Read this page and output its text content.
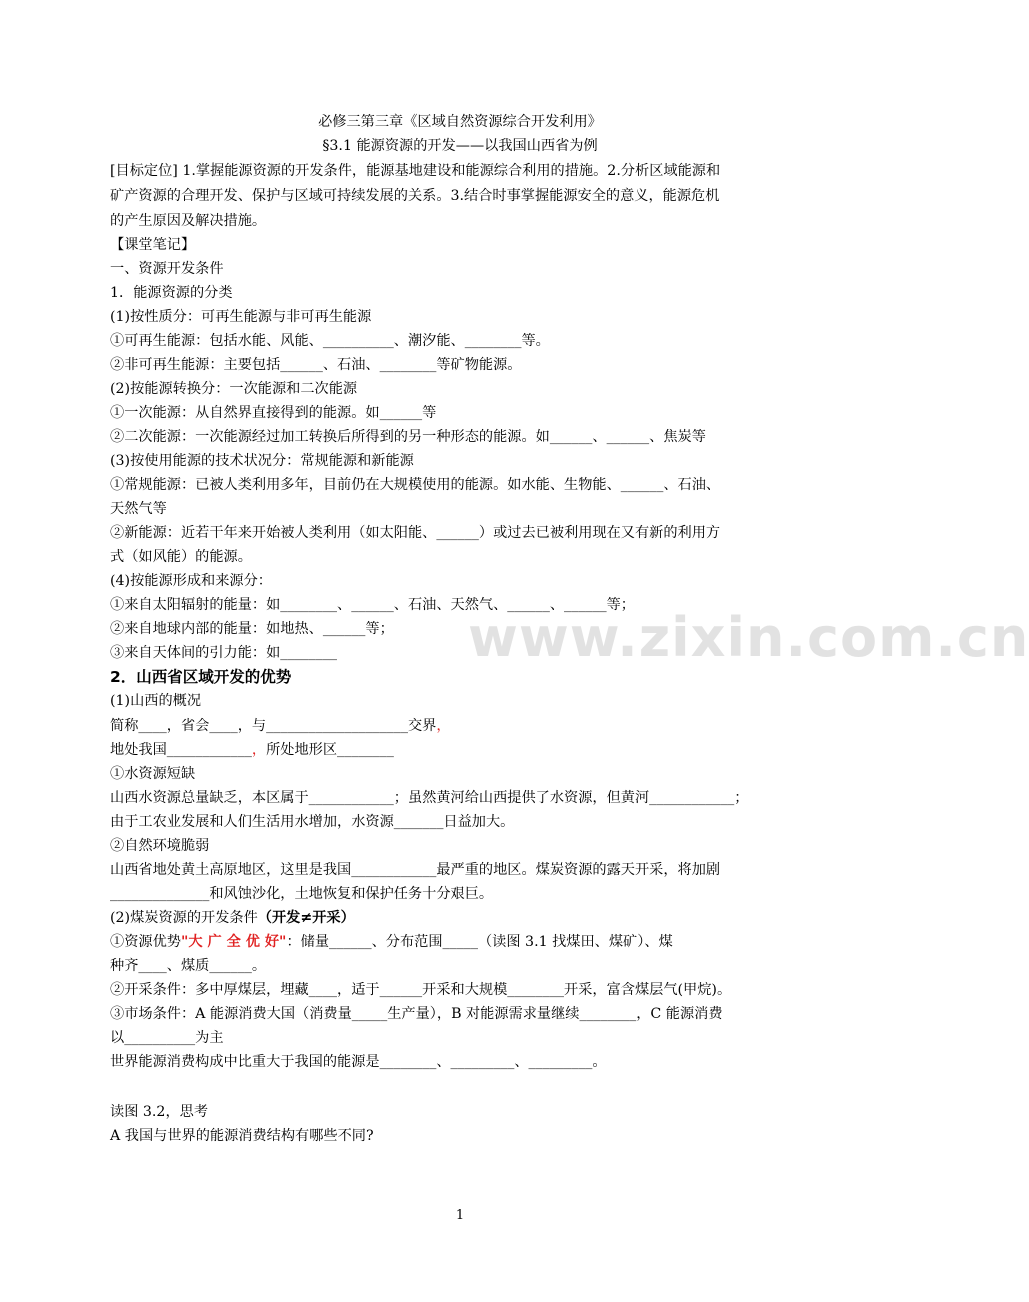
www.zixin.com.cn
必修三第三章《区域自然资源综合开发利用》
§3.1 能源资源的开发——以我国山西省为例
[目标定位] 1.掌握能源资源的开发条件，能源基地建设和能源综合利用的措施。2.分析区域能源和
矿产资源的合理开发、保护与区域可持续发展的关系。3.结合时事掌握能源安全的意义，能源危机
的产生原因及解决措施。
【课堂笔记】
一、资源开发条件
1．能源资源的分类
(1)按性质分：可再生能源与非可再生能源
①可再生能源：包括水能、风能、__________、潮汐能、________等。
②非可再生能源：主要包括______、石油、________等矿物能源。
(2)按能源转换分：一次能源和二次能源
①一次能源：从自然界直接得到的能源。如______等
②二次能源：一次能源经过加工转换后所得到的另一种形态的能源。如______、______、焦炭等
(3)按使用能源的技术状况分：常规能源和新能源
①常规能源：已被人类利用多年，目前仍在大规模使用的能源。如水能、生物能、______、石油、
天然气等
②新能源：近若干年来开始被人类利用（如太阳能、______）或过去已被利用现在又有新的利用方
式（如风能）的能源。
(4)按能源形成和来源分：
①来自太阳辐射的能量：如________、______、石油、天然气、______、______等；
②来自地球内部的能量：如地热、______等；
③来自天体间的引力能：如________
2．山西省区域开发的优势
(1)山西的概况
简称____，省会____，与____________________交界，
地处我国____________，所处地形区________
①水资源短缺
山西水资源总量缺乏，本区属于____________；虽然黄河给山西提供了水资源，但黄河____________；
由于工农业发展和人们生活用水增加，水资源_______日益加大。
②自然环境脆弱
山西省地处黄土高原地区，这里是我国____________最严重的地区。煤炭资源的露天开采，将加剧
______________和风蚀沙化，土地恢复和保护任务十分艰巨。
(2)煤炭资源的开发条件（开发≠开采）
①资源优势"大 广 全 优 好"：储量______、分布范围_____（读图 3.1 找煤田、煤矿）、煤
种齐____、煤质______。
②开采条件：多中厚煤层，埋藏____，适于______开采和大规模________开采，富含煤层气(甲烷)。
③市场条件：A 能源消费大国（消费量_____生产量），B 对能源需求量继续________，C 能源消费
以__________为主
世界能源消费构成中比重大于我国的能源是________、_________、_________。
读图 3.2，思考
A 我国与世界的能源消费结构有哪些不同?
1
